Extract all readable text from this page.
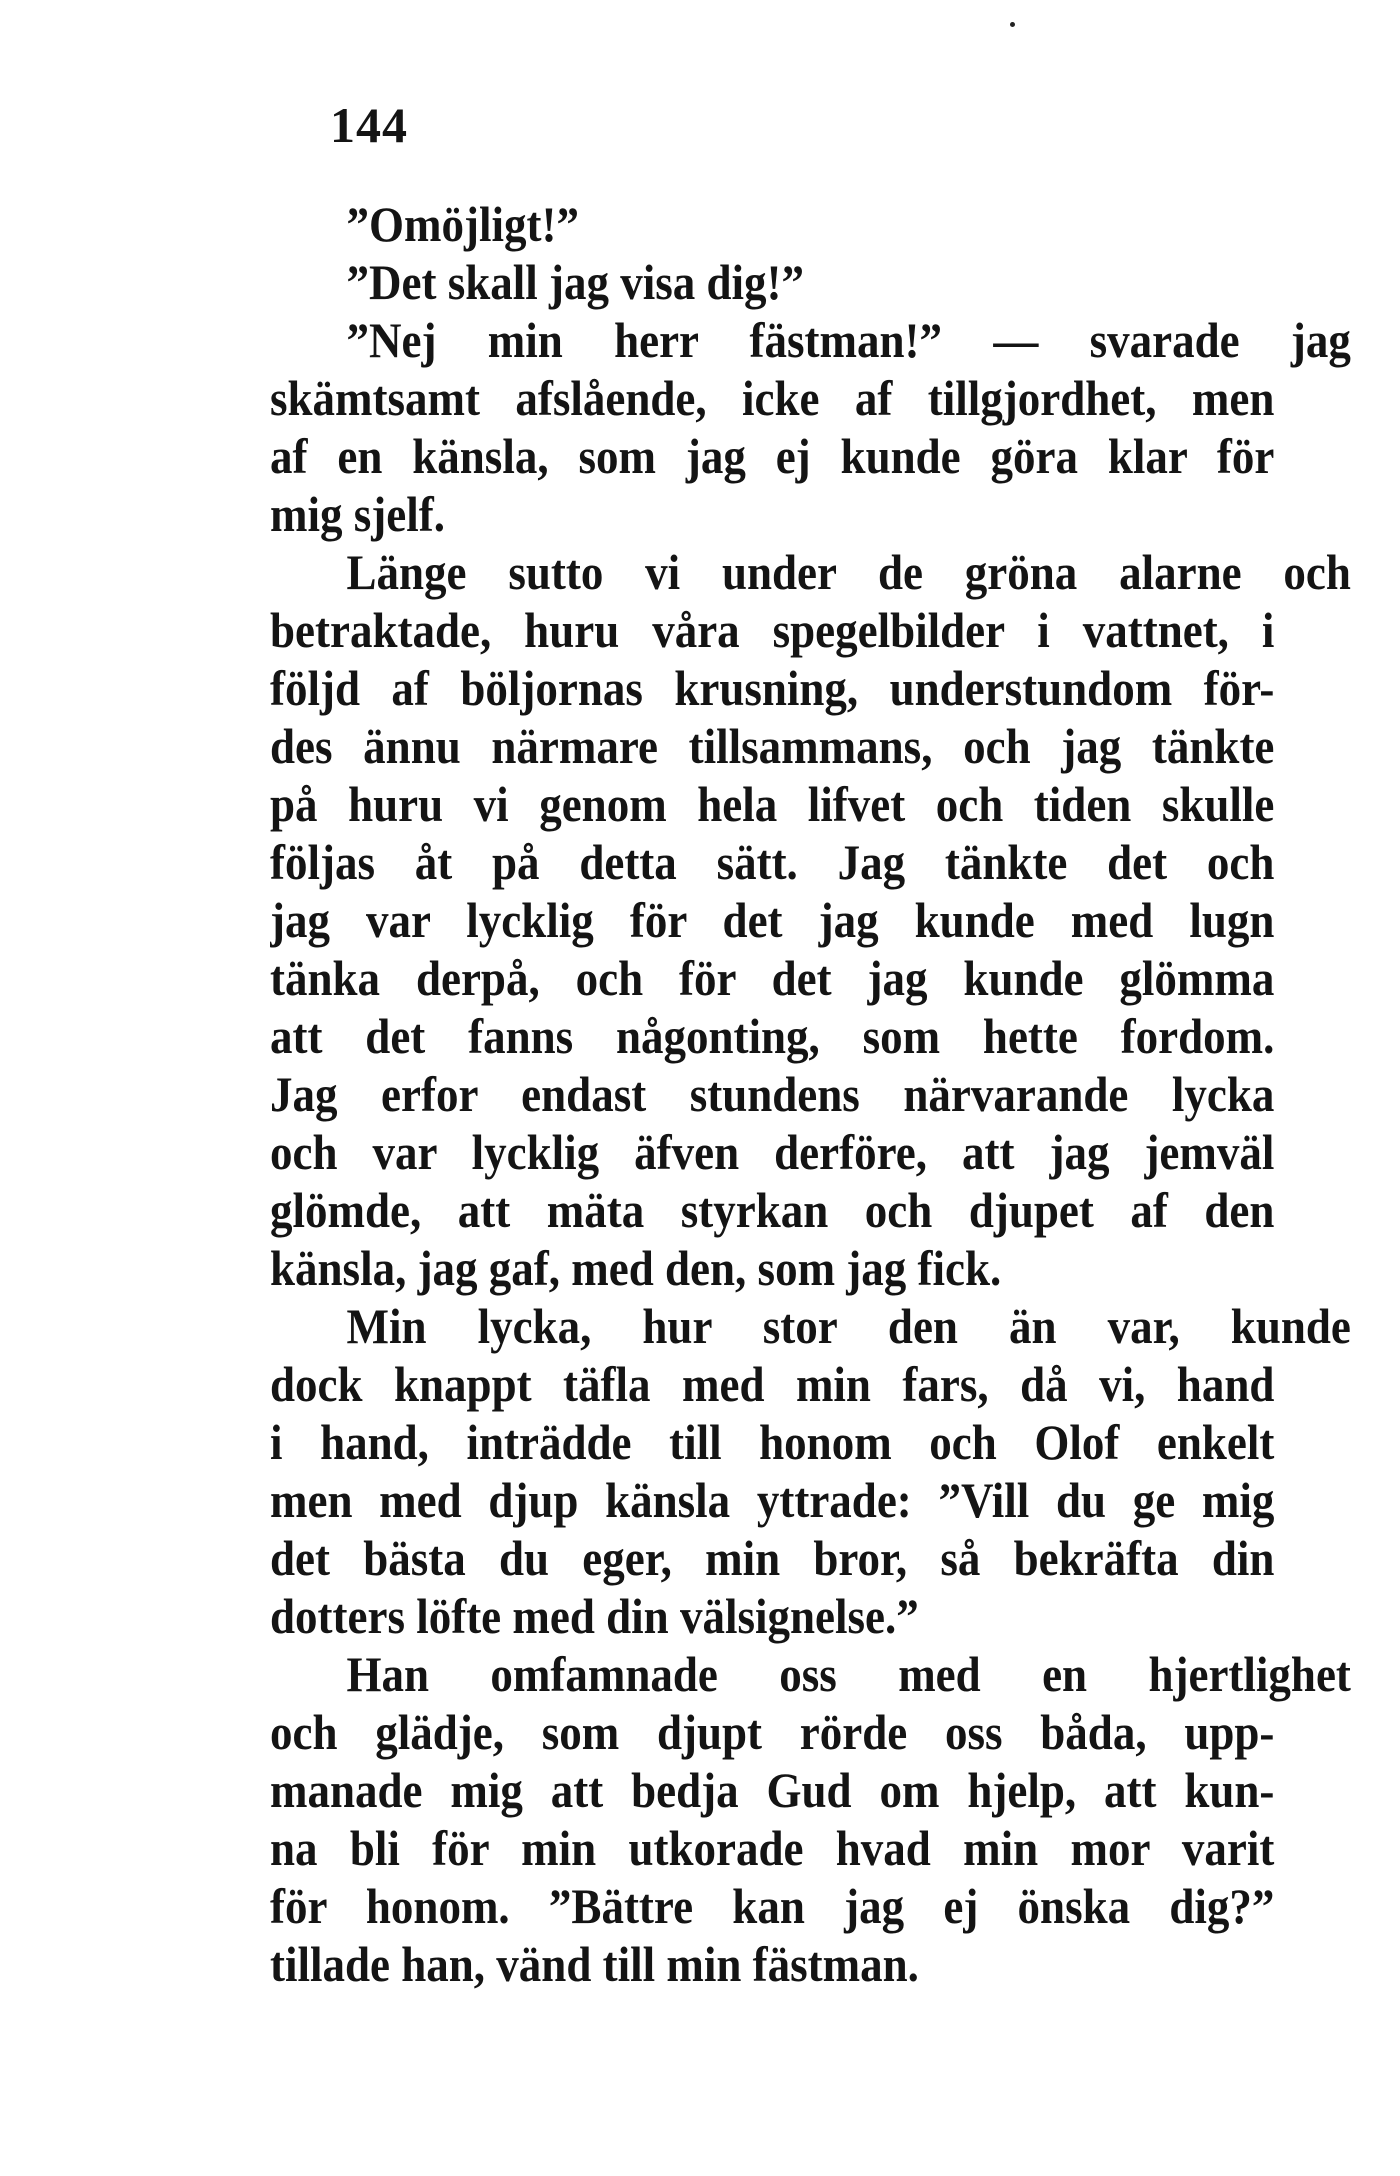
144
”Omöjligt!”
”Det skall jag visa dig!”
”Nej min herr fästman!” — svarade jag
skämtsamt afslående, icke af tillgjordhet, men
af en känsla, som jag ej kunde göra klar för
mig sjelf.
Länge sutto vi under de gröna alarne och
betraktade, huru våra spegelbilder i vattnet, i
följd af böljornas krusning, understundom för-
des ännu närmare tillsammans, och jag tänkte
på huru vi genom hela lifvet och tiden skulle
följas åt på detta sätt. Jag tänkte det och
jag var lycklig för det jag kunde med lugn
tänka derpå, och för det jag kunde glömma
att det fanns någonting, som hette fordom.
Jag erfor endast stundens närvarande lycka
och var lycklig äfven derföre, att jag jemväl
glömde, att mäta styrkan och djupet af den
känsla, jag gaf, med den, som jag fick.
Min lycka, hur stor den än var, kunde
dock knappt täfla med min fars, då vi, hand
i hand, inträdde till honom och Olof enkelt
men med djup känsla yttrade: ”Vill du ge mig
det bästa du eger, min bror, så bekräfta din
dotters löfte med din välsignelse.”
Han omfamnade oss med en hjertlighet
och glädje, som djupt rörde oss båda, upp-
manade mig att bedja Gud om hjelp, att kun-
na bli för min utkorade hvad min mor varit
för honom. ”Bättre kan jag ej önska dig?”
tillade han, vänd till min fästman.
